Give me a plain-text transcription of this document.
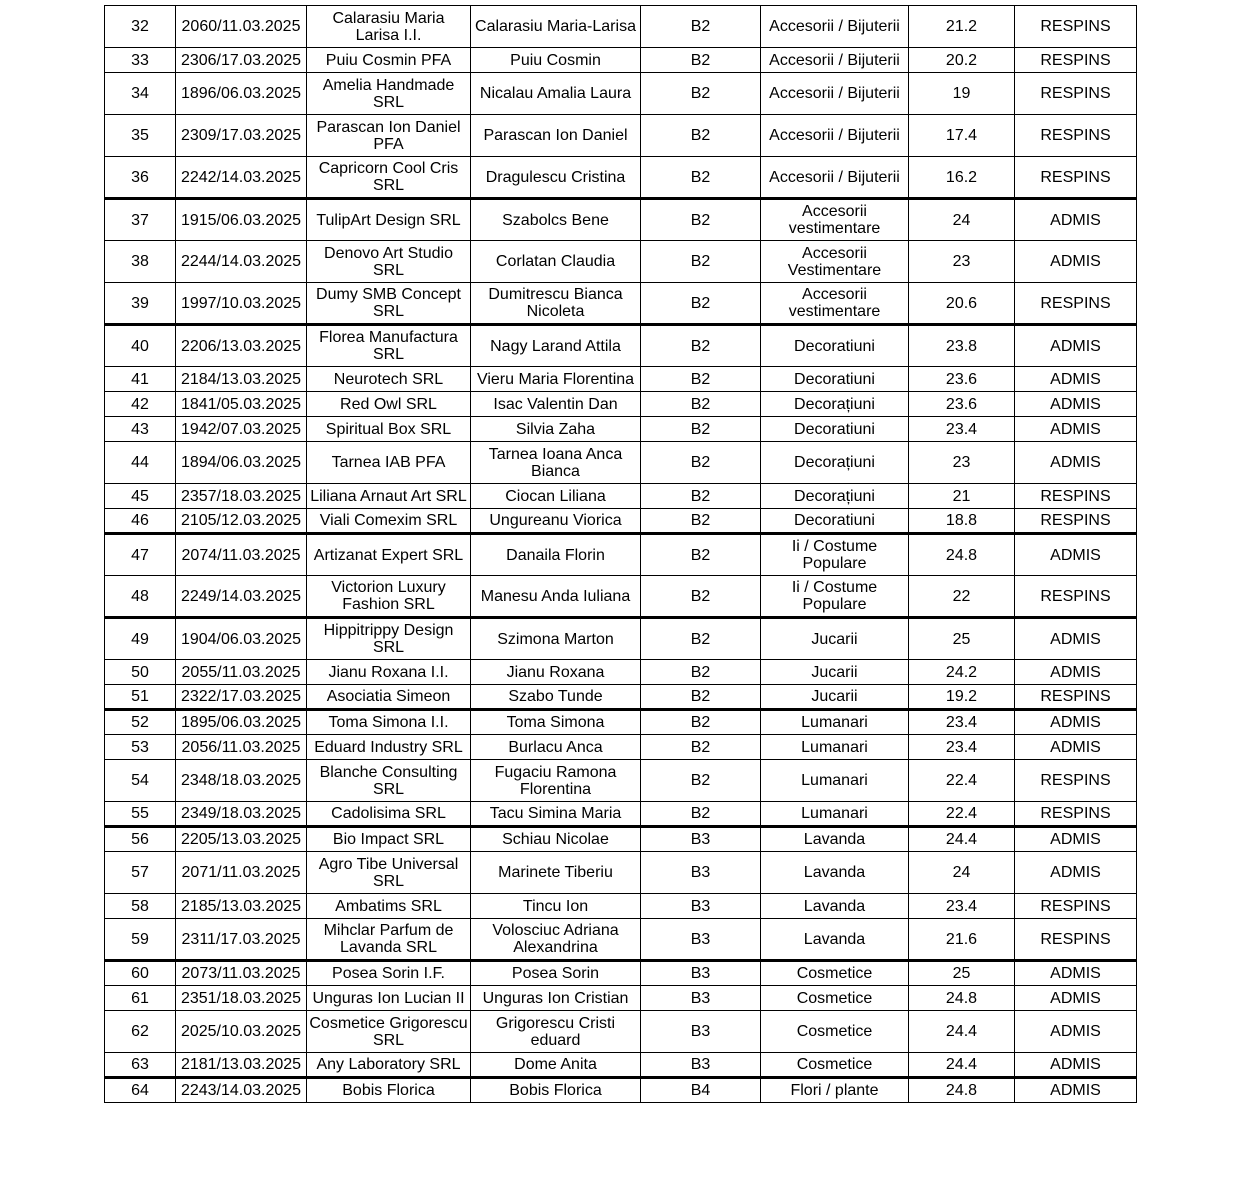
32	2060/11.03.2025	Calarasiu Maria Larisa I.I.	Calarasiu Maria-Larisa	B2	Accesorii / Bijuterii	21.2	RESPINS

33	2306/17.03.2025	Puiu Cosmin PFA	Puiu Cosmin	B2	Accesorii / Bijuterii	20.2	RESPINS

34	1896/06.03.2025	Amelia Handmade SRL	Nicalau Amalia Laura	B2	Accesorii / Bijuterii	19	RESPINS

35	2309/17.03.2025	Parascan Ion Daniel PFA	Parascan Ion Daniel	B2	Accesorii / Bijuterii	17.4	RESPINS

36	2242/14.03.2025	Capricorn Cool Cris SRL	Dragulescu Cristina	B2	Accesorii / Bijuterii	16.2	RESPINS

37	1915/06.03.2025	TulipArt Design SRL	Szabolcs Bene	B2	Accesorii vestimentare	24	ADMIS

38	2244/14.03.2025	Denovo Art Studio SRL	Corlatan Claudia	B2	Accesorii Vestimentare	23	ADMIS

39	1997/10.03.2025	Dumy SMB Concept SRL	Dumitrescu Bianca Nicoleta	B2	Accesorii vestimentare	20.6	RESPINS

40	2206/13.03.2025	Florea Manufactura SRL	Nagy Larand Attila	B2	Decoratiuni	23.8	ADMIS

41	2184/13.03.2025	Neurotech SRL	Vieru Maria Florentina	B2	Decoratiuni	23.6	ADMIS

42	1841/05.03.2025	Red Owl SRL	Isac Valentin Dan	B2	Decorațiuni	23.6	ADMIS

43	1942/07.03.2025	Spiritual Box SRL	Silvia Zaha	B2	Decoratiuni	23.4	ADMIS

44	1894/06.03.2025	Tarnea IAB PFA	Tarnea Ioana Anca Bianca	B2	Decorațiuni	23	ADMIS

45	2357/18.03.2025	Liliana Arnaut Art SRL	Ciocan Liliana	B2	Decorațiuni	21	RESPINS

46	2105/12.03.2025	Viali Comexim SRL	Ungureanu Viorica	B2	Decoratiuni	18.8	RESPINS

47	2074/11.03.2025	Artizanat Expert SRL	Danaila Florin	B2	Ii / Costume Populare	24.8	ADMIS

48	2249/14.03.2025	Victorion Luxury Fashion SRL	Manesu Anda Iuliana	B2	Ii / Costume Populare	22	RESPINS

49	1904/06.03.2025	Hippitrippy Design SRL	Szimona Marton	B2	Jucarii	25	ADMIS

50	2055/11.03.2025	Jianu Roxana I.I.	Jianu Roxana	B2	Jucarii	24.2	ADMIS

51	2322/17.03.2025	Asociatia Simeon	Szabo Tunde	B2	Jucarii	19.2	RESPINS

52	1895/06.03.2025	Toma Simona I.I.	Toma Simona	B2	Lumanari	23.4	ADMIS

53	2056/11.03.2025	Eduard Industry SRL	Burlacu Anca	B2	Lumanari	23.4	ADMIS

54	2348/18.03.2025	Blanche Consulting SRL	Fugaciu Ramona Florentina	B2	Lumanari	22.4	RESPINS

55	2349/18.03.2025	Cadolisima SRL	Tacu Simina Maria	B2	Lumanari	22.4	RESPINS

56	2205/13.03.2025	Bio Impact SRL	Schiau Nicolae	B3	Lavanda	24.4	ADMIS

57	2071/11.03.2025	Agro Tibe Universal SRL	Marinete Tiberiu	B3	Lavanda	24	ADMIS

58	2185/13.03.2025	Ambatims SRL	Tincu Ion	B3	Lavanda	23.4	RESPINS

59	2311/17.03.2025	Mihclar Parfum de Lavanda SRL	Volosciuc Adriana Alexandrina	B3	Lavanda	21.6	RESPINS

60	2073/11.03.2025	Posea Sorin I.F.	Posea Sorin	B3	Cosmetice	25	ADMIS

61	2351/18.03.2025	Unguras Ion Lucian II	Unguras Ion Cristian	B3	Cosmetice	24.8	ADMIS

62	2025/10.03.2025	Cosmetice Grigorescu SRL	Grigorescu Cristi eduard	B3	Cosmetice	24.4	ADMIS

63	2181/13.03.2025	Any Laboratory SRL	Dome Anita	B3	Cosmetice	24.4	ADMIS

64	2243/14.03.2025	Bobis Florica	Bobis Florica	B4	Flori / plante	24.8	ADMIS
